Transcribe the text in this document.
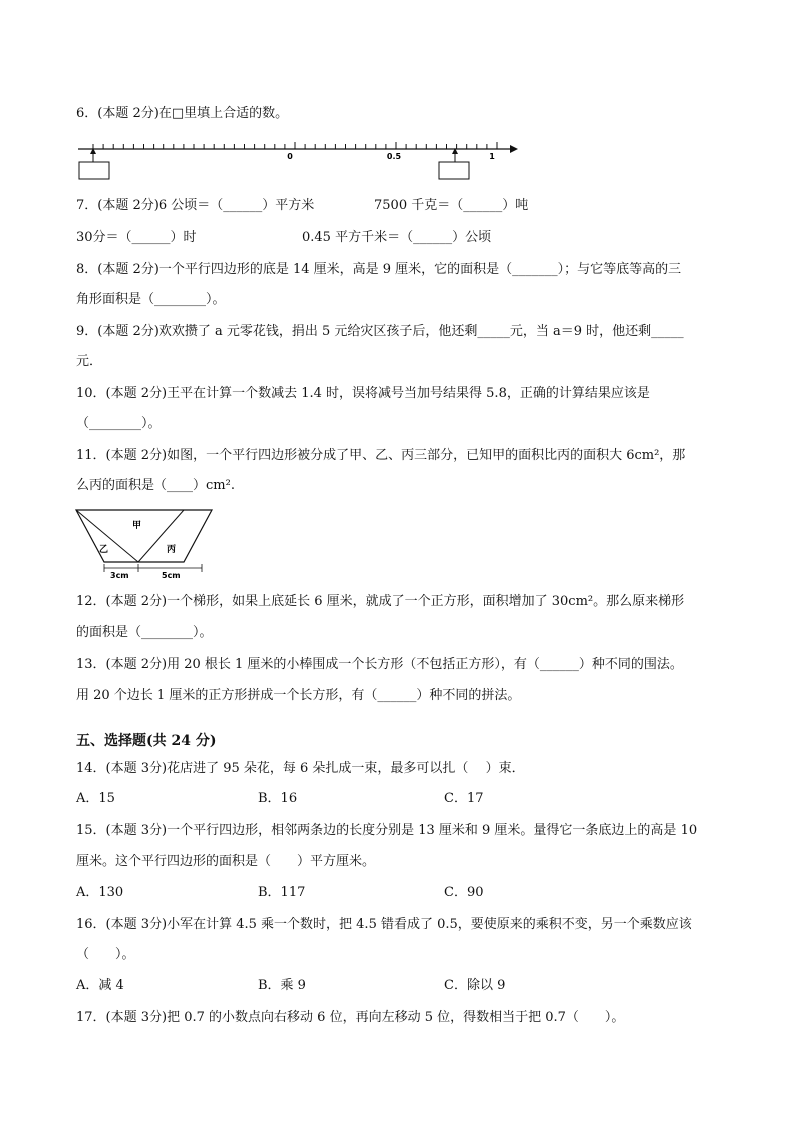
6．(本题 2分)在□里填上合适的数。
0	0.5	1
7．(本题 2分)6 公顷＝（______）平方米	7500 千克＝（______）吨
30分＝（______）时	0.45 平方千米＝（______）公顷
8．(本题 2分)一个平行四边形的底是 14 厘米，高是 9 厘米，它的面积是（_______）；与它等底等高的三
角形面积是（________）。
9．(本题 2分)欢欢攒了 a 元零花钱，捐出 5 元给灾区孩子后，他还剩_____元，当 a＝9 时，他还剩_____
元．
10．(本题 2分)王平在计算一个数减去 1.4 时，误将减号当加号结果得 5.8，正确的计算结果应该是
（________）。
11．(本题 2分)如图，一个平行四边形被分成了甲、乙、丙三部分，已知甲的面积比丙的面积大 6cm²，那
么丙的面积是（____）cm².
甲
乙	丙
3cm	5cm
12．(本题 2分)一个梯形，如果上底延长 6 厘米，就成了一个正方形，面积增加了 30cm²。那么原来梯形
的面积是（________）。
13．(本题 2分)用 20 根长 1 厘米的小棒围成一个长方形（不包括正方形），有（______）种不同的围法。
用 20 个边长 1 厘米的正方形拼成一个长方形，有（______）种不同的拼法。
五、选择题(共 24 分)
14．(本题 3分)花店进了 95 朵花，每 6 朵扎成一束，最多可以扎（　 ）束．
A．15	B．16	C．17
15．(本题 3分)一个平行四边形，相邻两条边的长度分别是 13 厘米和 9 厘米。量得它一条底边上的高是 10
厘米。这个平行四边形的面积是（　　）平方厘米。
A．130	B．117	C．90
16．(本题 3分)小军在计算 4.5 乘一个数时，把 4.5 错看成了 0.5，要使原来的乘积不变，另一个乘数应该
（　　）。
A．减 4	B．乘 9	C．除以 9
17．(本题 3分)把 0.7 的小数点向右移动 6 位，再向左移动 5 位，得数相当于把 0.7（　　）。
